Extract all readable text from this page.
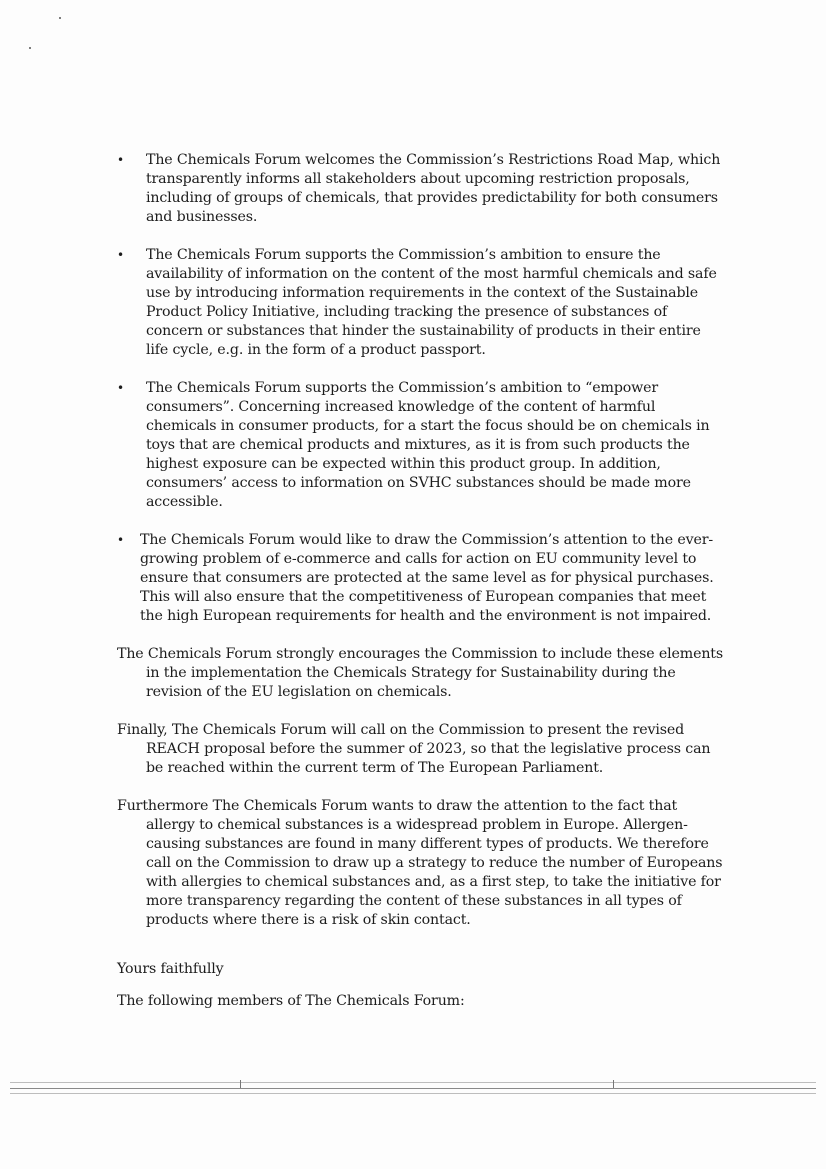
• The Chemicals Forum welcomes the Commission’s Restrictions Road Map, which transparently informs all stakeholders about upcoming restriction proposals, including of groups of chemicals, that provides predictability for both consumers and businesses.
• The Chemicals Forum supports the Commission’s ambition to ensure the availability of information on the content of the most harmful chemicals and safe use by introducing information requirements in the context of the Sustainable Product Policy Initiative, including tracking the presence of substances of concern or substances that hinder the sustainability of products in their entire life cycle, e.g. in the form of a product passport.
• The Chemicals Forum supports the Commission’s ambition to “empower consumers”. Concerning increased knowledge of the content of harmful chemicals in consumer products, for a start the focus should be on chemicals in toys that are chemical products and mixtures, as it is from such products the highest exposure can be expected within this product group. In addition, consumers’ access to information on SVHC substances should be made more accessible.
• The Chemicals Forum would like to draw the Commission’s attention to the ever-growing problem of e-commerce and calls for action on EU community level to ensure that consumers are protected at the same level as for physical purchases. This will also ensure that the competitiveness of European companies that meet the high European requirements for health and the environment is not impaired.

The Chemicals Forum strongly encourages the Commission to include these elements in the implementation the Chemicals Strategy for Sustainability during the revision of the EU legislation on chemicals.

Finally, The Chemicals Forum will call on the Commission to present the revised REACH proposal before the summer of 2023, so that the legislative process can be reached within the current term of The European Parliament.

Furthermore The Chemicals Forum wants to draw the attention to the fact that allergy to chemical substances is a widespread problem in Europe. Allergen-causing substances are found in many different types of products. We therefore call on the Commission to draw up a strategy to reduce the number of Europeans with allergies to chemical substances and, as a first step, to take the initiative for more transparency regarding the content of these substances in all types of products where there is a risk of skin contact.

Yours faithfully

The following members of The Chemicals Forum:
